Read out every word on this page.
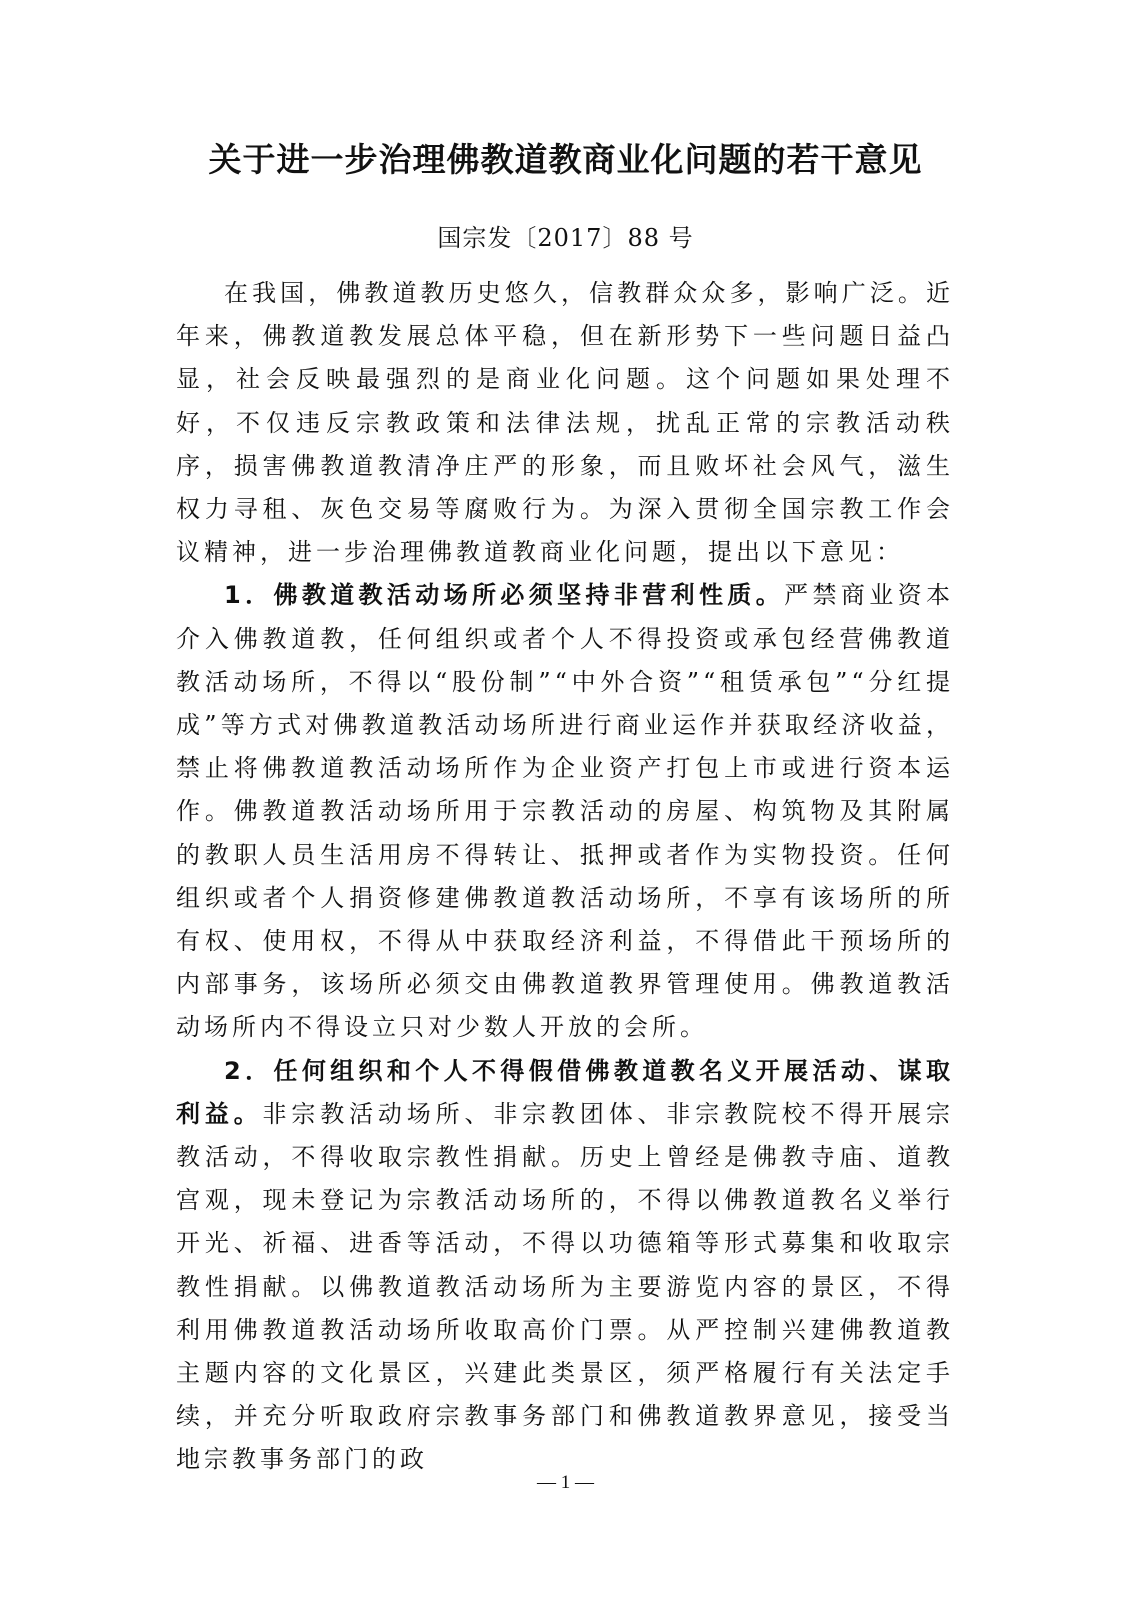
关于进一步治理佛教道教商业化问题的若干意见
国宗发〔2017〕88 号

在我国，佛教道教历史悠久，信教群众众多，影响广泛。近年来，佛教道教发展总体平稳，但在新形势下一些问题日益凸显，社会反映最强烈的是商业化问题。这个问题如果处理不好，不仅违反宗教政策和法律法规，扰乱正常的宗教活动秩序，损害佛教道教清净庄严的形象，而且败坏社会风气，滋生权力寻租、灰色交易等腐败行为。为深入贯彻全国宗教工作会议精神，进一步治理佛教道教商业化问题，提出以下意见：

1．佛教道教活动场所必须坚持非营利性质。严禁商业资本介入佛教道教，任何组织或者个人不得投资或承包经营佛教道教活动场所，不得以“股份制”“中外合资”“租赁承包”“分红提成”等方式对佛教道教活动场所进行商业运作并获取经济收益，禁止将佛教道教活动场所作为企业资产打包上市或进行资本运作。佛教道教活动场所用于宗教活动的房屋、构筑物及其附属的教职人员生活用房不得转让、抵押或者作为实物投资。任何组织或者个人捐资修建佛教道教活动场所，不享有该场所的所有权、使用权，不得从中获取经济利益，不得借此干预场所的内部事务，该场所必须交由佛教道教界管理使用。佛教道教活动场所内不得设立只对少数人开放的会所。

2．任何组织和个人不得假借佛教道教名义开展活动、谋取利益。非宗教活动场所、非宗教团体、非宗教院校不得开展宗教活动，不得收取宗教性捐献。历史上曾经是佛教寺庙、道教宫观，现未登记为宗教活动场所的，不得以佛教道教名义举行开光、祈福、进香等活动，不得以功德箱等形式募集和收取宗教性捐献。以佛教道教活动场所为主要游览内容的景区，不得利用佛教道教活动场所收取高价门票。从严控制兴建佛教道教主题内容的文化景区，兴建此类景区，须严格履行有关法定手续，并充分听取政府宗教事务部门和佛教道教界意见，接受当地宗教事务部门的政

— 1 —
